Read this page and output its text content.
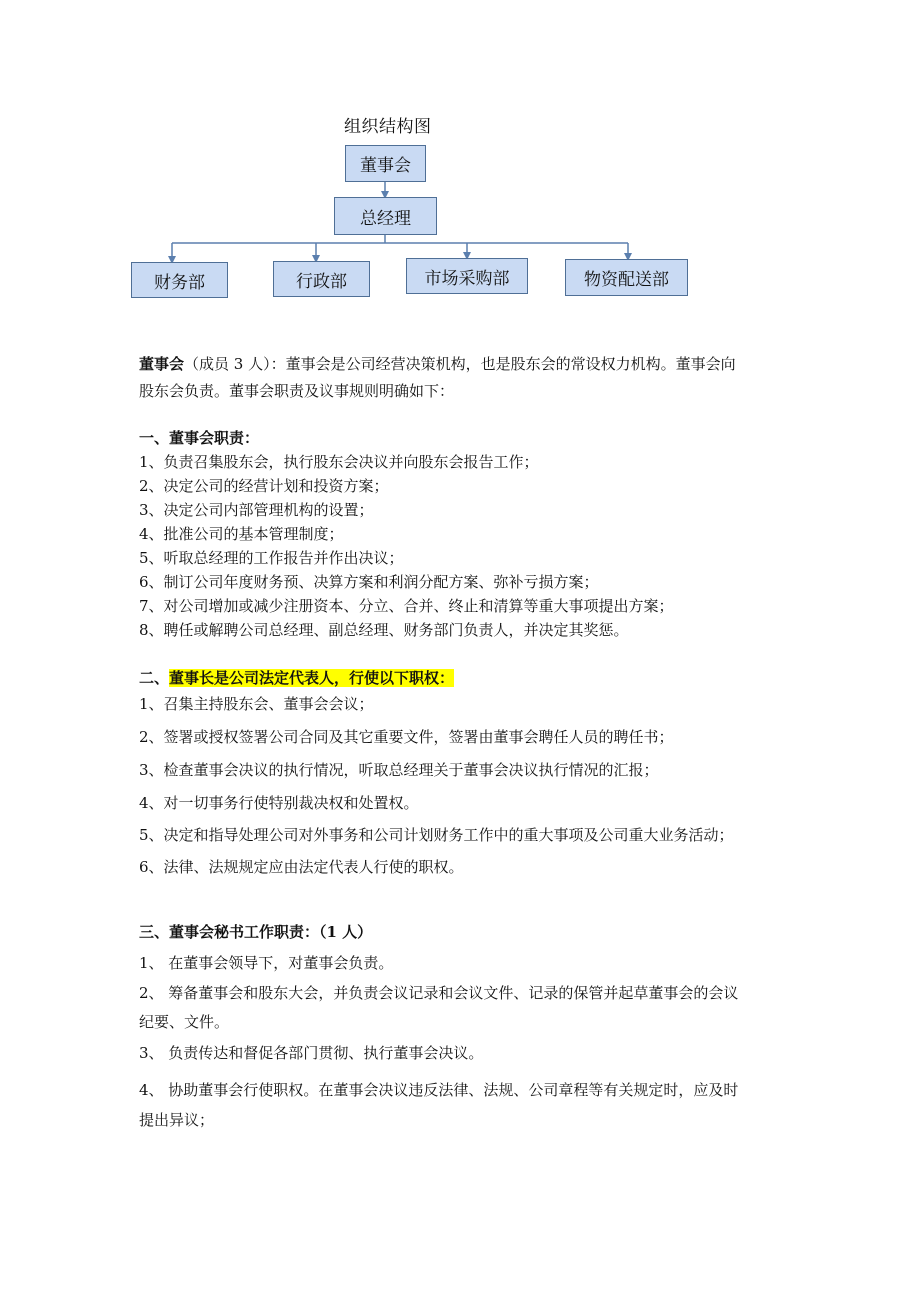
组织结构图
董事会
总经理
财务部	行政部	市场采购部	物资配送部
董事会（成员 3 人）：董事会是公司经营决策机构，也是股东会的常设权力机构。董事会向
股东会负责。董事会职责及议事规则明确如下：
一、董事会职责：
1、负责召集股东会，执行股东会决议并向股东会报告工作；
2、决定公司的经营计划和投资方案；
3、决定公司内部管理机构的设置；
4、批准公司的基本管理制度；
5、听取总经理的工作报告并作出决议；
6、制订公司年度财务预、决算方案和利润分配方案、弥补亏损方案；
7、对公司增加或减少注册资本、分立、合并、终止和清算等重大事项提出方案；
8、聘任或解聘公司总经理、副总经理、财务部门负责人，并决定其奖惩。
二、董事长是公司法定代表人，行使以下职权：
1、召集主持股东会、董事会会议；
2、签署或授权签署公司合同及其它重要文件，签署由董事会聘任人员的聘任书；
3、检查董事会决议的执行情况，听取总经理关于董事会决议执行情况的汇报；
4、对一切事务行使特别裁决权和处置权。
5、决定和指导处理公司对外事务和公司计划财务工作中的重大事项及公司重大业务活动；
6、法律、法规规定应由法定代表人行使的职权。
三、董事会秘书工作职责：（1 人）
1、 在董事会领导下，对董事会负责。
2、 筹备董事会和股东大会，并负责会议记录和会议文件、记录的保管并起草董事会的会议
纪要、文件。
3、 负责传达和督促各部门贯彻、执行董事会决议。
4、 协助董事会行使职权。在董事会决议违反法律、法规、公司章程等有关规定时，应及时
提出异议；
